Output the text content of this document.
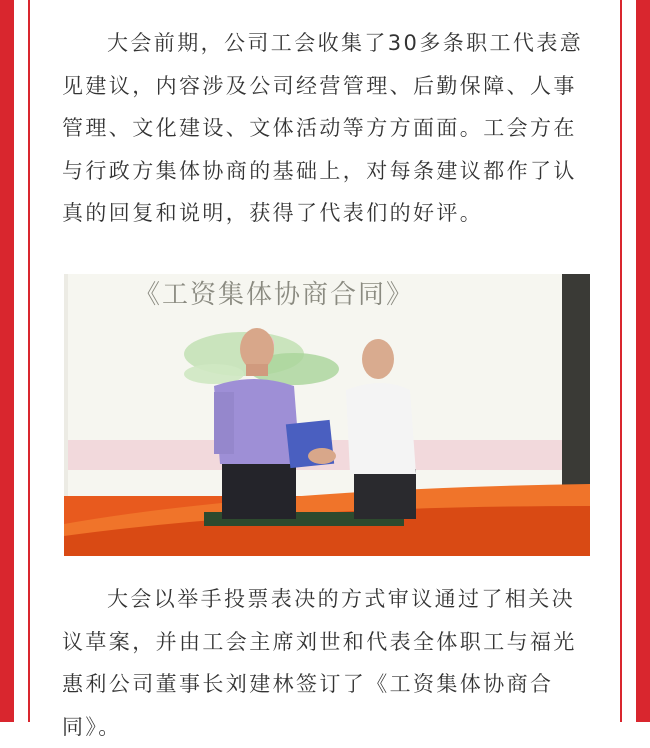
大会前期，公司工会收集了30多条职工代表意见建议，内容涉及公司经营管理、后勤保障、人事管理、文化建设、文体活动等方方面面。工会方在与行政方集体协商的基础上，对每条建议都作了认真的回复和说明，获得了代表们的好评。

《工资集体协商合同》

大会以举手投票表决的方式审议通过了相关决议草案，并由工会主席刘世和代表全体职工与福光惠利公司董事长刘建林签订了《工资集体协商合同》。
